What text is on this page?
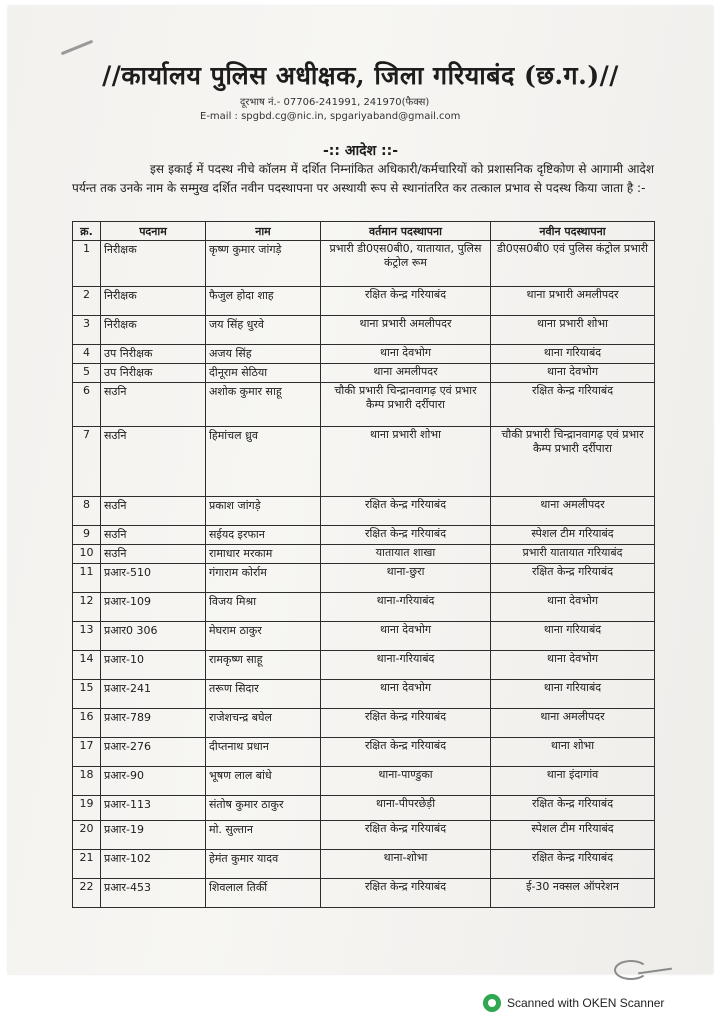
//कार्यालय पुलिस अधीक्षक, जिला गरियाबंद (छ.ग.)//
दूरभाष नं.- 07706-241991, 241970(फैक्स)
E-mail : spgbd.cg@nic.in, spgariyaband@gmail.com
-:: आदेश ::-
इस इकाई में पदस्थ नीचे कॉलम में दर्शित निम्नांकित अधिकारी/कर्मचारियों को प्रशासनिक दृष्टिकोण से आगामी आदेश पर्यन्त तक उनके नाम के सम्मुख दर्शित नवीन पदस्थापना पर अस्थायी रूप से स्थानांतरित कर तत्काल प्रभाव से पदस्थ किया जाता है :-
क्र.	पदनाम	नाम	वर्तमान पदस्थापना	नवीन पदस्थापना
1	निरीक्षक	कृष्ण कुमार जांगड़े	प्रभारी डी0एस0बी0, यातायात, पुलिस कंट्रोल रूम	डी0एस0बी0 एवं पुलिस कंट्रोल प्रभारी
2	निरीक्षक	फैजुल होदा शाह	रक्षित केन्द्र गरियाबंद	थाना प्रभारी अमलीपदर
3	निरीक्षक	जय सिंह धुरवे	थाना प्रभारी अमलीपदर	थाना प्रभारी शोभा
4	उप निरीक्षक	अजय सिंह	थाना देवभोग	थाना गरियाबंद
5	उप निरीक्षक	दीनूराम सेठिया	थाना अमलीपदर	थाना देवभोग
6	सउनि	अशोक कुमार साहू	चौकी प्रभारी चिन्द्रानवागढ़ एवं प्रभार कैम्प प्रभारी दर्रीपारा	रक्षित केन्द्र गरियाबंद
7	सउनि	हिमांचल ध्रुव	थाना प्रभारी शोभा	चौकी प्रभारी चिन्द्रानवागढ़ एवं प्रभार कैम्प प्रभारी दर्रीपारा
8	सउनि	प्रकाश जांगड़े	रक्षित केन्द्र गरियाबंद	थाना अमलीपदर
9	सउनि	सईयद इरफान	रक्षित केन्द्र गरियाबंद	स्पेशल टीम गरियाबंद
10	सउनि	रामाधार मरकाम	यातायात शाखा	प्रभारी यातायात गरियाबंद
11	प्रआर-510	गंगाराम कोर्राम	थाना-छुरा	रक्षित केन्द्र गरियाबंद
12	प्रआर-109	विजय मिश्रा	थाना-गरियाबंद	थाना देवभोग
13	प्रआर0 306	मेघराम ठाकुर	थाना देवभोग	थाना गरियाबंद
14	प्रआर-10	रामकृष्ण साहू	थाना-गरियाबंद	थाना देवभोग
15	प्रआर-241	तरूण सिदार	थाना देवभोग	थाना गरियाबंद
16	प्रआर-789	राजेशचन्द्र बघेल	रक्षित केन्द्र गरियाबंद	थाना अमलीपदर
17	प्रआर-276	दीप्तनाथ प्रधान	रक्षित केन्द्र गरियाबंद	थाना शोभा
18	प्रआर-90	भूषण लाल बांधे	थाना-पाण्डुका	थाना इंदागांव
19	प्रआर-113	संतोष कुमार ठाकुर	थाना-पीपरछेड़ी	रक्षित केन्द्र गरियाबंद
20	प्रआर-19	मो. सुल्तान	रक्षित केन्द्र गरियाबंद	स्पेशल टीम गरियाबंद
21	प्रआर-102	हेमंत कुमार यादव	थाना-शोभा	रक्षित केन्द्र गरियाबंद
22	प्रआर-453	शिवलाल तिर्की	रक्षित केन्द्र गरियाबंद	ई-30 नक्सल ऑपरेशन
Scanned with OKEN Scanner
